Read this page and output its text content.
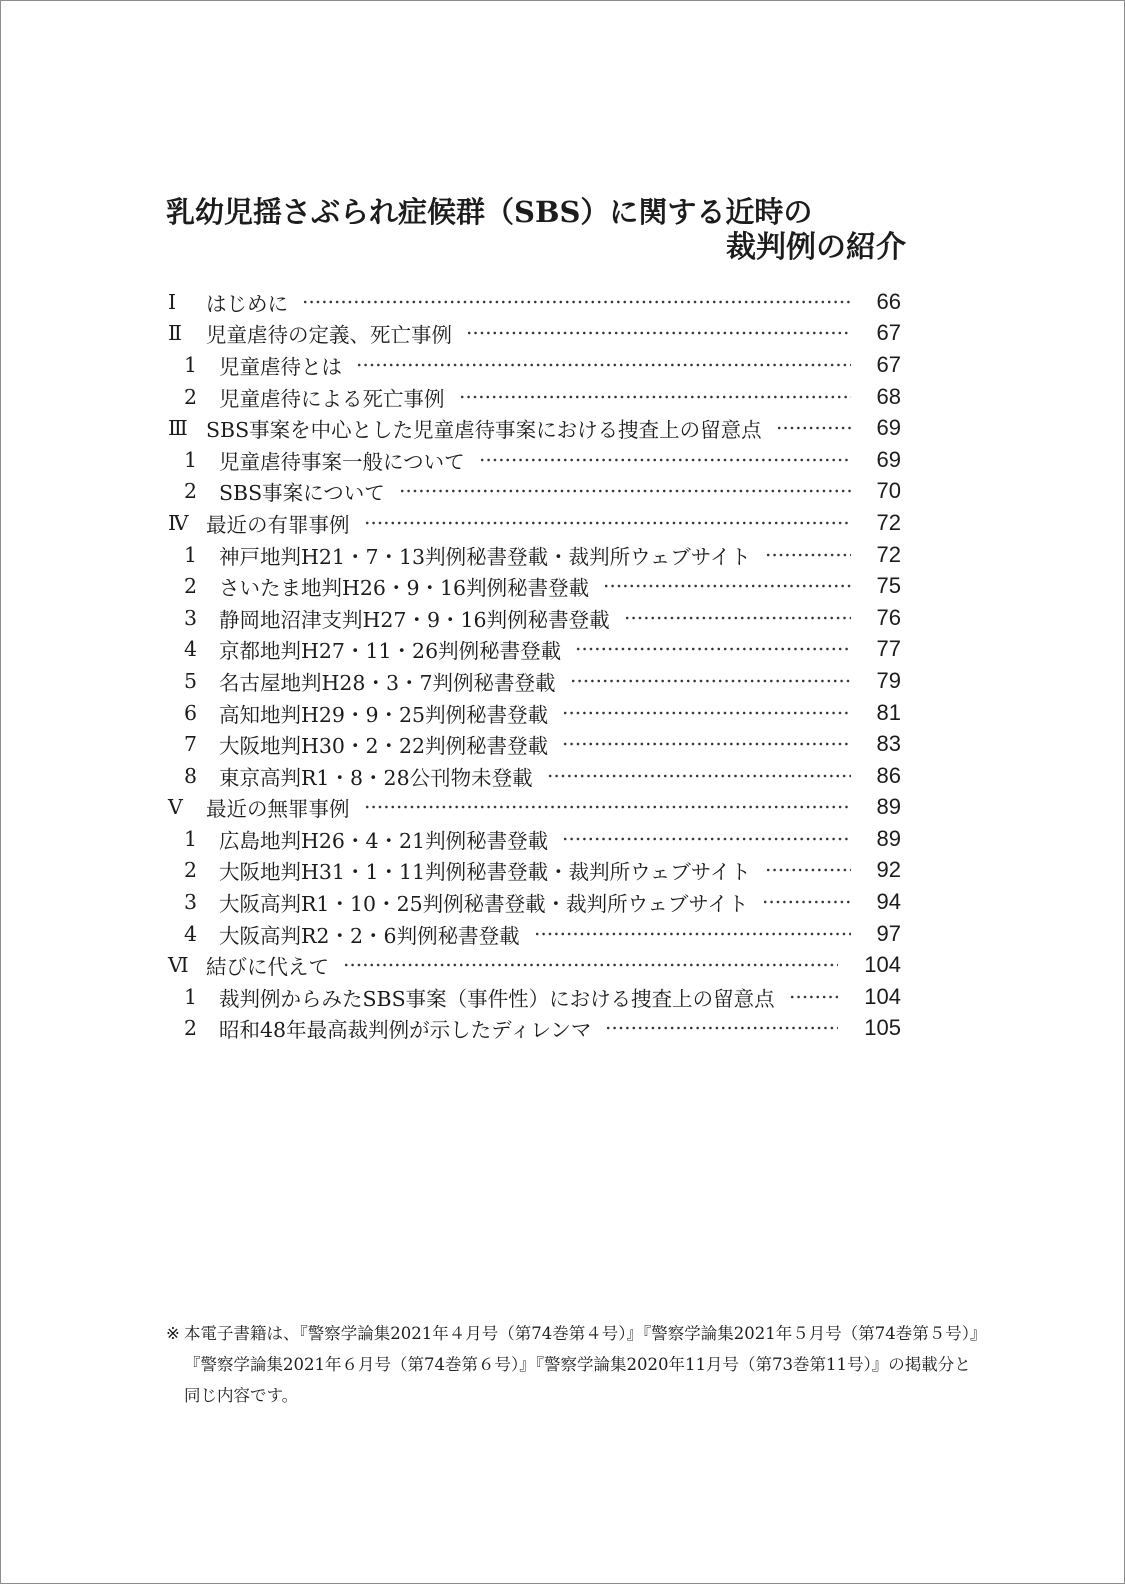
乳幼児揺さぶられ症候群（SBS）に関する近時の
裁判例の紹介
Ⅰ	はじめに	66
Ⅱ	児童虐待の定義、死亡事例	67
1	児童虐待とは	67
2	児童虐待による死亡事例	68
Ⅲ SBS事案を中心とした児童虐待事案における捜査上の留意点	69
1	児童虐待事案一般について	69
2	SBS事案について	70
Ⅳ 最近の有罪事例	72
1	神戸地判H21・7・13判例秘書登載・裁判所ウェブサイト	72
2	さいたま地判H26・9・16判例秘書登載	75
3	静岡地沼津支判H27・9・16判例秘書登載	76
4	京都地判H27・11・26判例秘書登載	77
5	名古屋地判H28・3・7判例秘書登載	79
6	高知地判H29・9・25判例秘書登載	81
7	大阪地判H30・2・22判例秘書登載	83
8	東京高判R1・8・28公刊物未登載	86
Ⅴ	最近の無罪事例	89
1	広島地判H26・4・21判例秘書登載	89
2	大阪地判H31・1・11判例秘書登載・裁判所ウェブサイト	92
3	大阪高判R1・10・25判例秘書登載・裁判所ウェブサイト	94
4	大阪高判R2・2・6判例秘書登載	97
Ⅵ 結びに代えて	104
1	裁判例からみたSBS事案（事件性）における捜査上の留意点	104
2	昭和48年最高裁判例が示したディレンマ	105
※ 本電子書籍は、『警察学論集2021年４月号（第74巻第４号）』『警察学論集2021年５月号（第74巻第５号）』
『警察学論集2021年６月号（第74巻第６号）』『警察学論集2020年11月号（第73巻第11号）』の掲載分と
同じ内容です。
